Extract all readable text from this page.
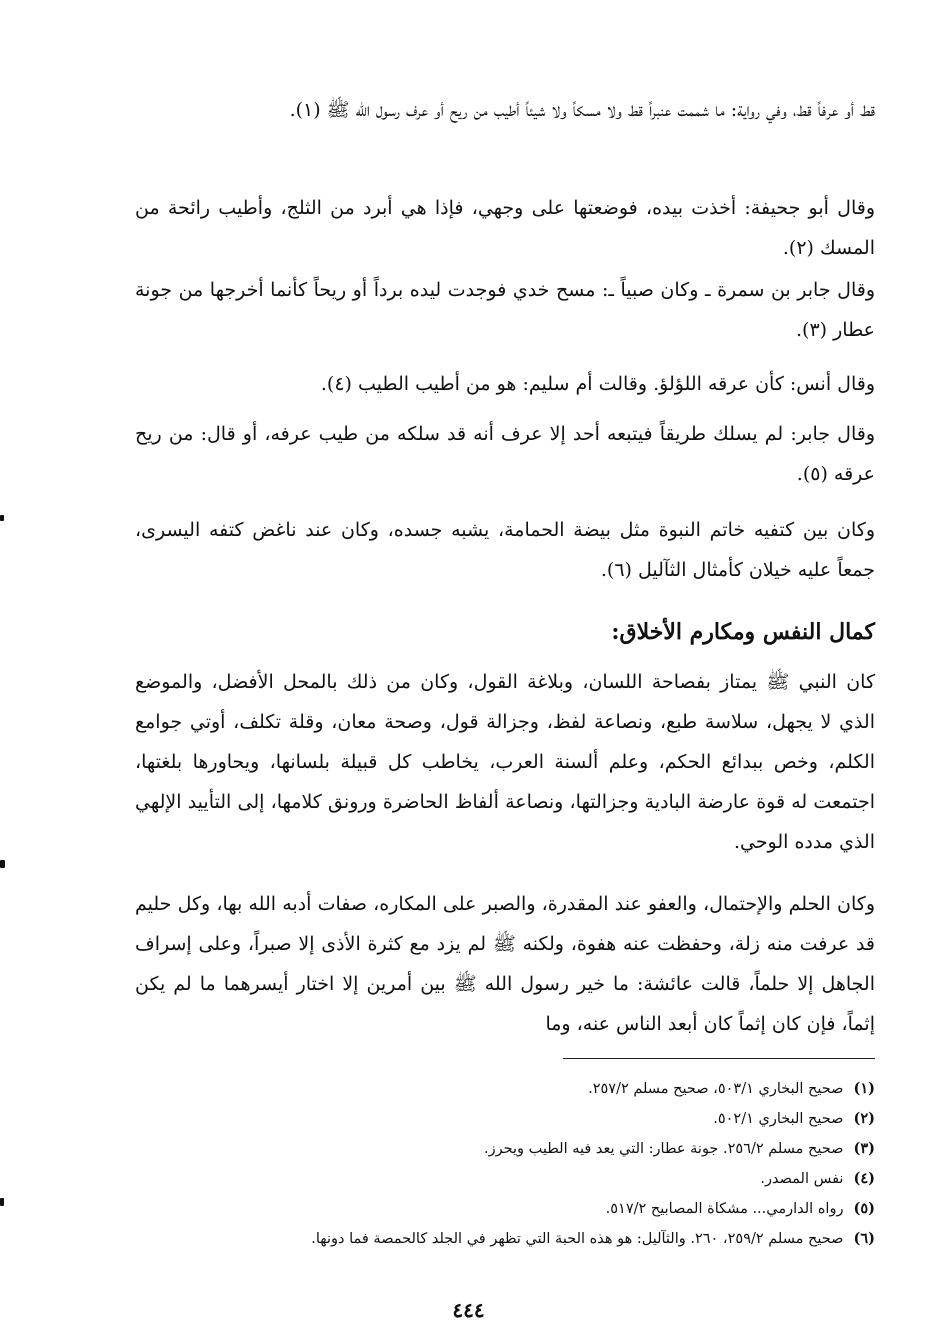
قط أو عرفاً قط، وفي رواية: ما شممت عنبراً قط ولا مسكاً ولا شيئاً أطيب من ريح أو عرف رسول الله ﷺ (١).

وقال أبو جحيفة: أخذت بيده، فوضعتها على وجهي، فإذا هي أبرد من الثلج، وأطيب رائحة من المسك (٢).

وقال جابر بن سمرة ـ وكان صبياً ـ: مسح خدي فوجدت ليده برداً أو ريحاً كأنما أخرجها من جونة عطار (٣).

وقال أنس: كأن عرقه اللؤلؤ. وقالت أم سليم: هو من أطيب الطيب (٤).

وقال جابر: لم يسلك طريقاً فيتبعه أحد إلا عرف أنه قد سلكه من طيب عرفه، أو قال: من ريح عرقه (٥).

وكان بين كتفيه خاتم النبوة مثل بيضة الحمامة، يشبه جسده، وكان عند ناغض كتفه اليسرى، جمعاً عليه خيلان كأمثال الثآليل (٦).

كمال النفس ومكارم الأخلاق:

كان النبي ﷺ يمتاز بفصاحة اللسان، وبلاغة القول، وكان من ذلك بالمحل الأفضل، والموضع الذي لا يجهل، سلاسة طبع، ونصاعة لفظ، وجزالة قول، وصحة معان، وقلة تكلف، أوتي جوامع الكلم، وخص ببدائع الحكم، وعلم ألسنة العرب، يخاطب كل قبيلة بلسانها، ويحاورها بلغتها، اجتمعت له قوة عارضة البادية وجزالتها، ونصاعة ألفاظ الحاضرة ورونق كلامها، إلى التأييد الإلهي الذي مدده الوحي.

وكان الحلم والإحتمال، والعفو عند المقدرة، والصبر على المكاره، صفات أدبه الله بها، وكل حليم قد عرفت منه زلة، وحفظت عنه هفوة، ولكنه ﷺ لم يزد مع كثرة الأذى إلا صبراً، وعلى إسراف الجاهل إلا حلماً، قالت عائشة: ما خير رسول الله ﷺ بين أمرين إلا اختار أيسرهما ما لم يكن إثماً، فإن كان إثماً كان أبعد الناس عنه، وما

(١)صحيح البخاري ٥٠٣/١، صحيح مسلم ٢٥٧/٢.
(٢)صحيح البخاري ٥٠٢/١.
(٣)صحيح مسلم ٢٥٦/٢. جونة عطار: التي يعد فيه الطيب ويحرز.
(٤)نفس المصدر.
(٥)رواه الدارمي... مشكاة المصابيح ٥١٧/٢.
(٦)صحيح مسلم ٢٥٩/٢، ٢٦٠. والثآليل: هو هذه الحبة التي تظهر في الجلد كالحمصة فما دونها.
٤٤٤
